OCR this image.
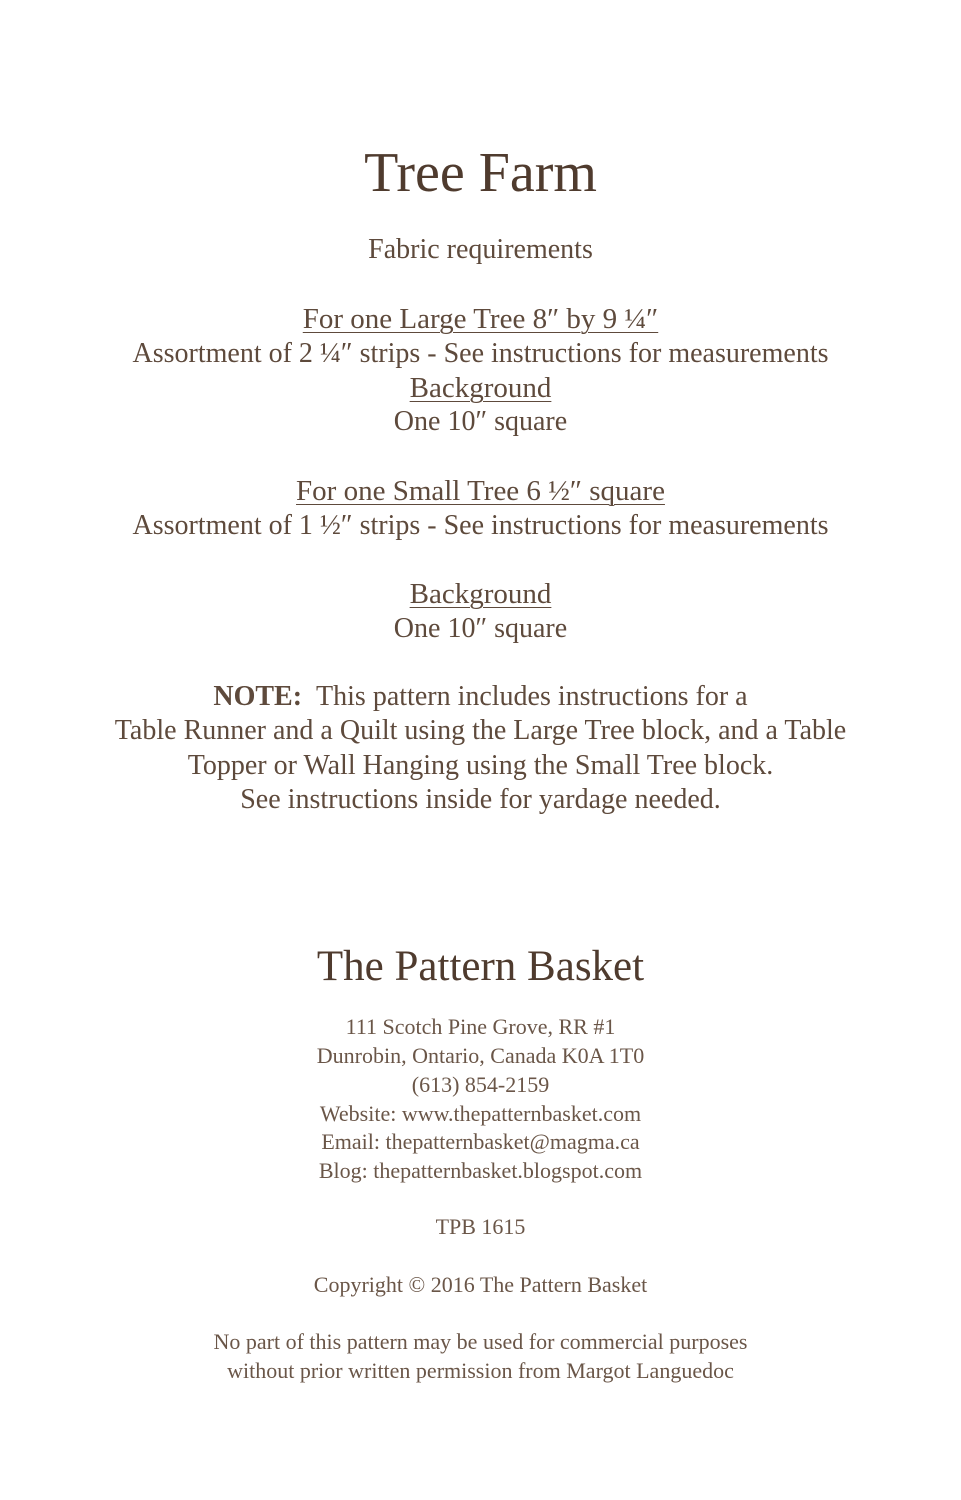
Tree Farm
Fabric requirements
For one Large Tree 8″ by 9 ¼″
Assortment of 2 ¼″ strips - See instructions for measurements
Background
One 10″ square
For one Small Tree 6 ½″ square
Assortment of 1 ½″ strips - See instructions for measurements
Background
One 10″ square
NOTE: This pattern includes instructions for a
Table Runner and a Quilt using the Large Tree block, and a Table
Topper or Wall Hanging using the Small Tree block.
See instructions inside for yardage needed.
The Pattern Basket
111 Scotch Pine Grove, RR #1
Dunrobin, Ontario, Canada K0A 1T0
(613) 854-2159
Website: www.thepatternbasket.com
Email: thepatternbasket@magma.ca
Blog: thepatternbasket.blogspot.com
TPB 1615
Copyright © 2016 The Pattern Basket
No part of this pattern may be used for commercial purposes
without prior written permission from Margot Languedoc
